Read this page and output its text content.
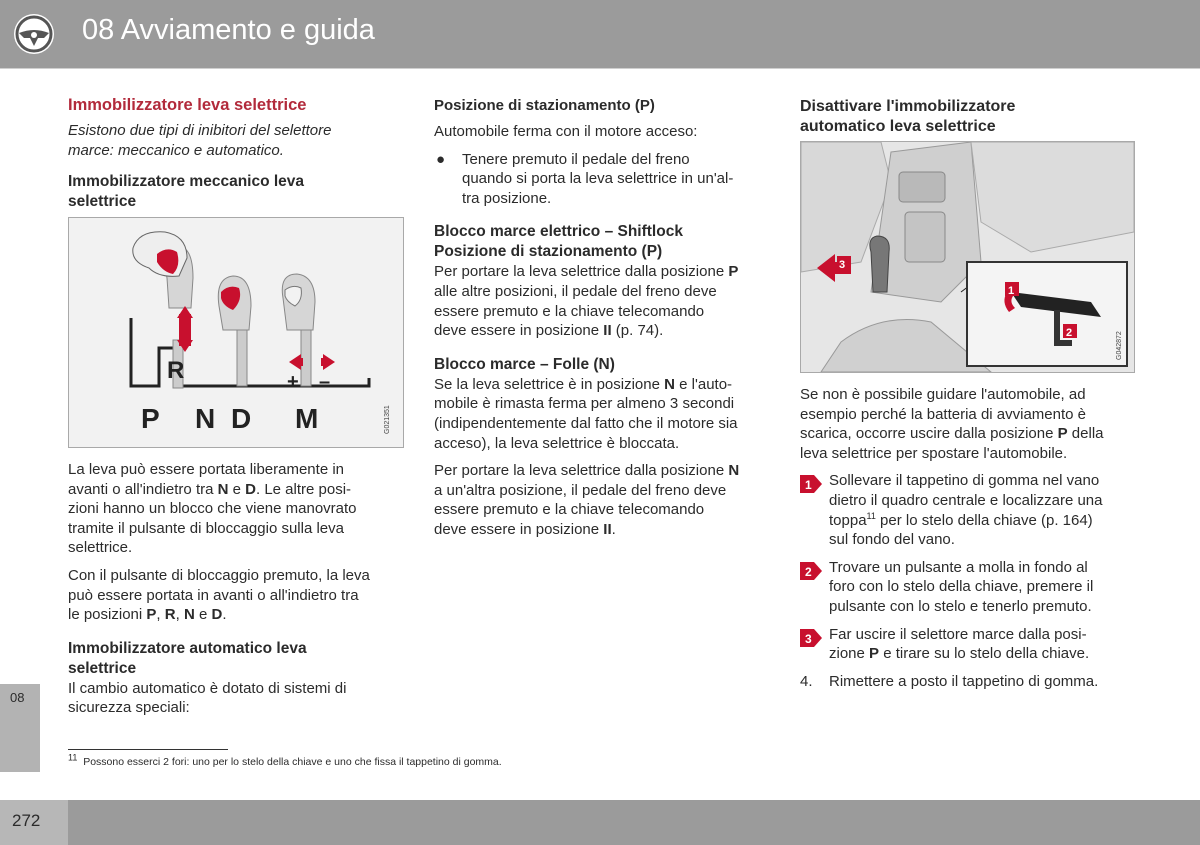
08 Avviamento e guida
Immobilizzatore leva selettrice

Esistono due tipi di inibitori del selettore marce: meccanico e automatico.

Immobilizzatore meccanico leva selettrice
R	+ –
P N D M	G021351

La leva può essere portata liberamente in
avanti o all'indietro tra N e D. Le altre posi-
zioni hanno un blocco che viene manovrato
tramite il pulsante di bloccaggio sulla leva
selettrice.

Con il pulsante di bloccaggio premuto, la leva
può essere portata in avanti o all'indietro tra
le posizioni P, R, N e D.

Immobilizzatore automatico leva selettrice

Il cambio automatico è dotato di sistemi di
sicurezza speciali:

Posizione di stazionamento (P)

Automobile ferma con il motore acceso:

● Tenere premuto il pedale del freno
quando si porta la leva selettrice in un'al-
tra posizione.
Blocco marce elettrico – Shiftlock
Posizione di stazionamento (P)

Per portare la leva selettrice dalla posizione P
alle altre posizioni, il pedale del freno deve
essere premuto e la chiave telecomando
deve essere in posizione II (p. 74).

Blocco marce – Folle (N)

Se la leva selettrice è in posizione N e l'auto-
mobile è rimasta ferma per almeno 3 secondi
(indipendentemente dal fatto che il motore sia
acceso), la leva selettrice è bloccata.

Per portare la leva selettrice dalla posizione N
a un'altra posizione, il pedale del freno deve
essere premuto e la chiave telecomando
deve essere in posizione II.

Disattivare l'immobilizzatore
automatico leva selettrice
3
1
2	G042872

Se non è possibile guidare l'automobile, ad
esempio perché la batteria di avviamento è
scarica, occorre uscire dalla posizione P della
leva selettrice per spostare l'automobile.

1 Sollevare il tappetino di gomma nel vano
dietro il quadro centrale e localizzare una
toppa$^{11}$ per lo stelo della chiave (p. 164)
sul fondo del vano.
2 Trovare un pulsante a molla in fondo al
foro con lo stelo della chiave, premere il
pulsante con lo stelo e tenerlo premuto.
3 Far uscire il selettore marce dalla posi-
zione P e tirare su lo stelo della chiave.
4. Rimettere a posto il tappetino di gomma.
08
$^{11}$ Possono esserci 2 fori: uno per lo stelo della chiave e uno che fissa il tappetino di gomma.
272
